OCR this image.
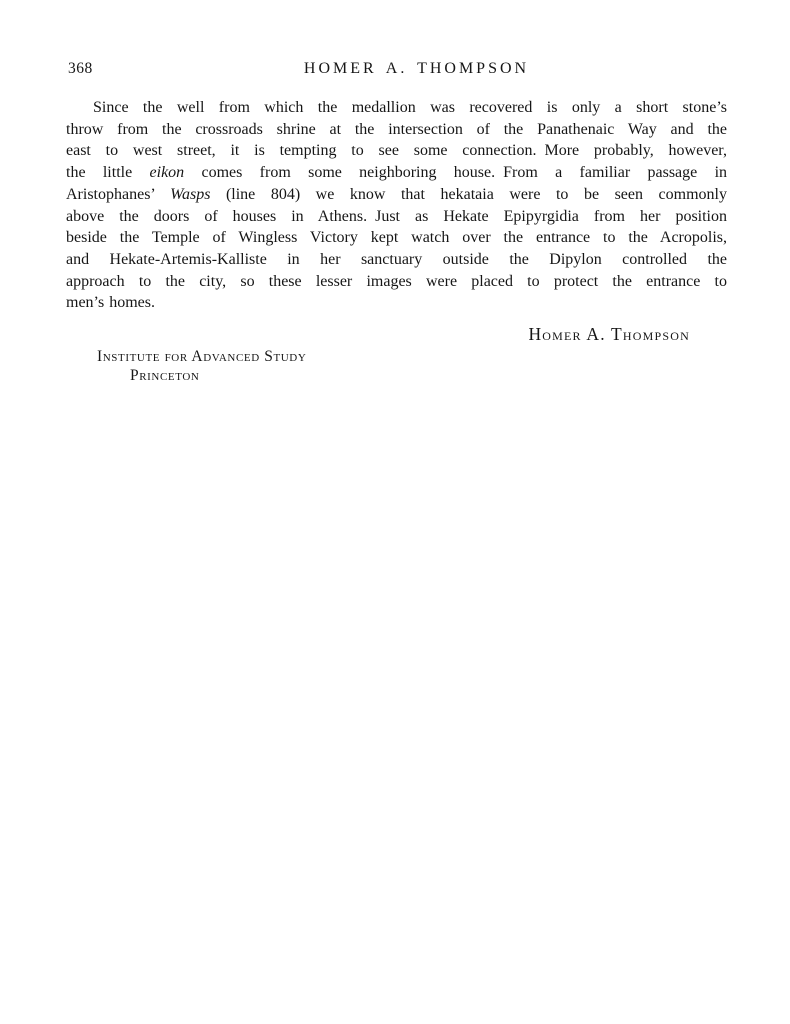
368	HOMER A. THOMPSON
Since the well from which the medallion was recovered is only a short stone’s
throw from the crossroads shrine at the intersection of the Panathenaic Way and the
east to west street, it is tempting to see some connection. More probably, however,
the little eikon comes from some neighboring house. From a familiar passage in
Aristophanes’ Wasps (line 804) we know that hekataia were to be seen commonly
above the doors of houses in Athens. Just as Hekate Epipyrgidia from her position
beside the Temple of Wingless Victory kept watch over the entrance to the Acropolis,
and Hekate-Artemis-Kalliste in her sanctuary outside the Dipylon controlled the
approach to the city, so these lesser images were placed to protect the entrance to
men’s homes.
Homer A. Thompson
Institute for Advanced Study
Princeton
